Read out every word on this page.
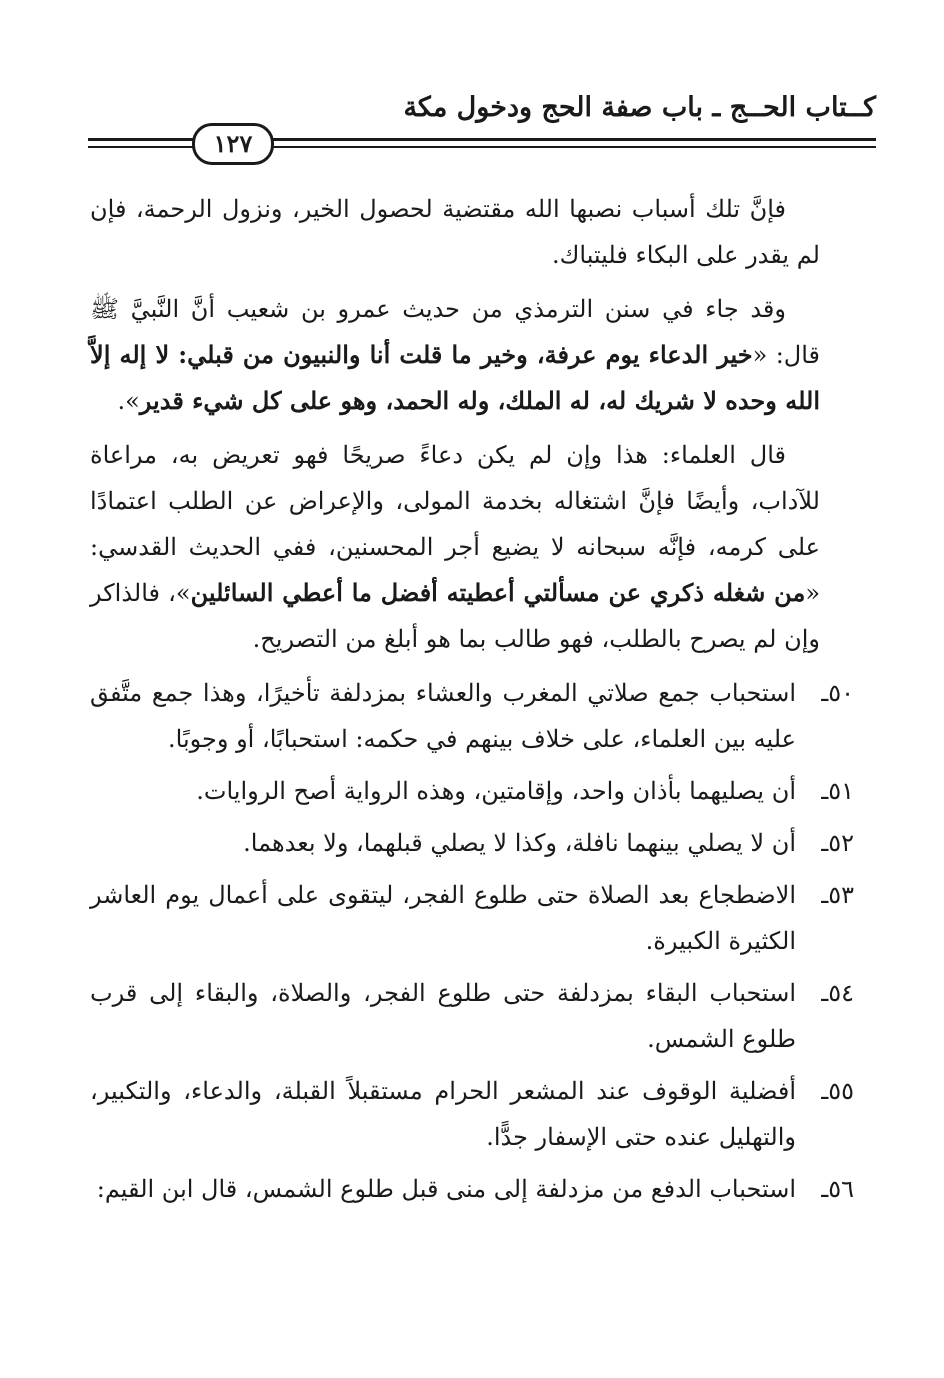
كــتاب الحــج ـ باب صفة الحج ودخول مكة
١٢٧

فإنَّ تلك أسباب نصبها الله مقتضية لحصول الخير، ونزول الرحمة، فإن لم يقدر على البكاء فليتباك.

وقد جاء في سنن الترمذي من حديث عمرو بن شعيب أنَّ النَّبيَّ ﷺ قال: «خير الدعاء يوم عرفة، وخير ما قلت أنا والنبيون من قبلي: لا إله إلاَّ الله وحده لا شريك له، له الملك، وله الحمد، وهو على كل شيء قدير».

قال العلماء: هذا وإن لم يكن دعاءً صريحًا فهو تعريض به، مراعاة للآداب، وأيضًا فإنَّ اشتغاله بخدمة المولى، والإعراض عن الطلب اعتمادًا على كرمه، فإنَّه سبحانه لا يضيع أجر المحسنين، ففي الحديث القدسي: «من شغله ذكري عن مسألتي أعطيته أفضل ما أعطي السائلين»، فالذاكر وإن لم يصرح بالطلب، فهو طالب بما هو أبلغ من التصريح.

٥٠ـ
استحباب جمع صلاتي المغرب والعشاء بمزدلفة تأخيرًا، وهذا جمع متَّفق عليه بين العلماء، على خلاف بينهم في حكمه: استحبابًا، أو وجوبًا.
٥١ـ
أن يصليهما بأذان واحد، وإقامتين، وهذه الرواية أصح الروايات.
٥٢ـ
أن لا يصلي بينهما نافلة، وكذا لا يصلي قبلهما، ولا بعدهما.
٥٣ـ
الاضطجاع بعد الصلاة حتى طلوع الفجر، ليتقوى على أعمال يوم العاشر الكثيرة الكبيرة.
٥٤ـ
استحباب البقاء بمزدلفة حتى طلوع الفجر، والصلاة، والبقاء إلى قرب طلوع الشمس.
٥٥ـ
أفضلية الوقوف عند المشعر الحرام مستقبلاً القبلة، والدعاء، والتكبير، والتهليل عنده حتى الإسفار جدًّا.
٥٦ـ
استحباب الدفع من مزدلفة إلى منى قبل طلوع الشمس، قال ابن القيم:
